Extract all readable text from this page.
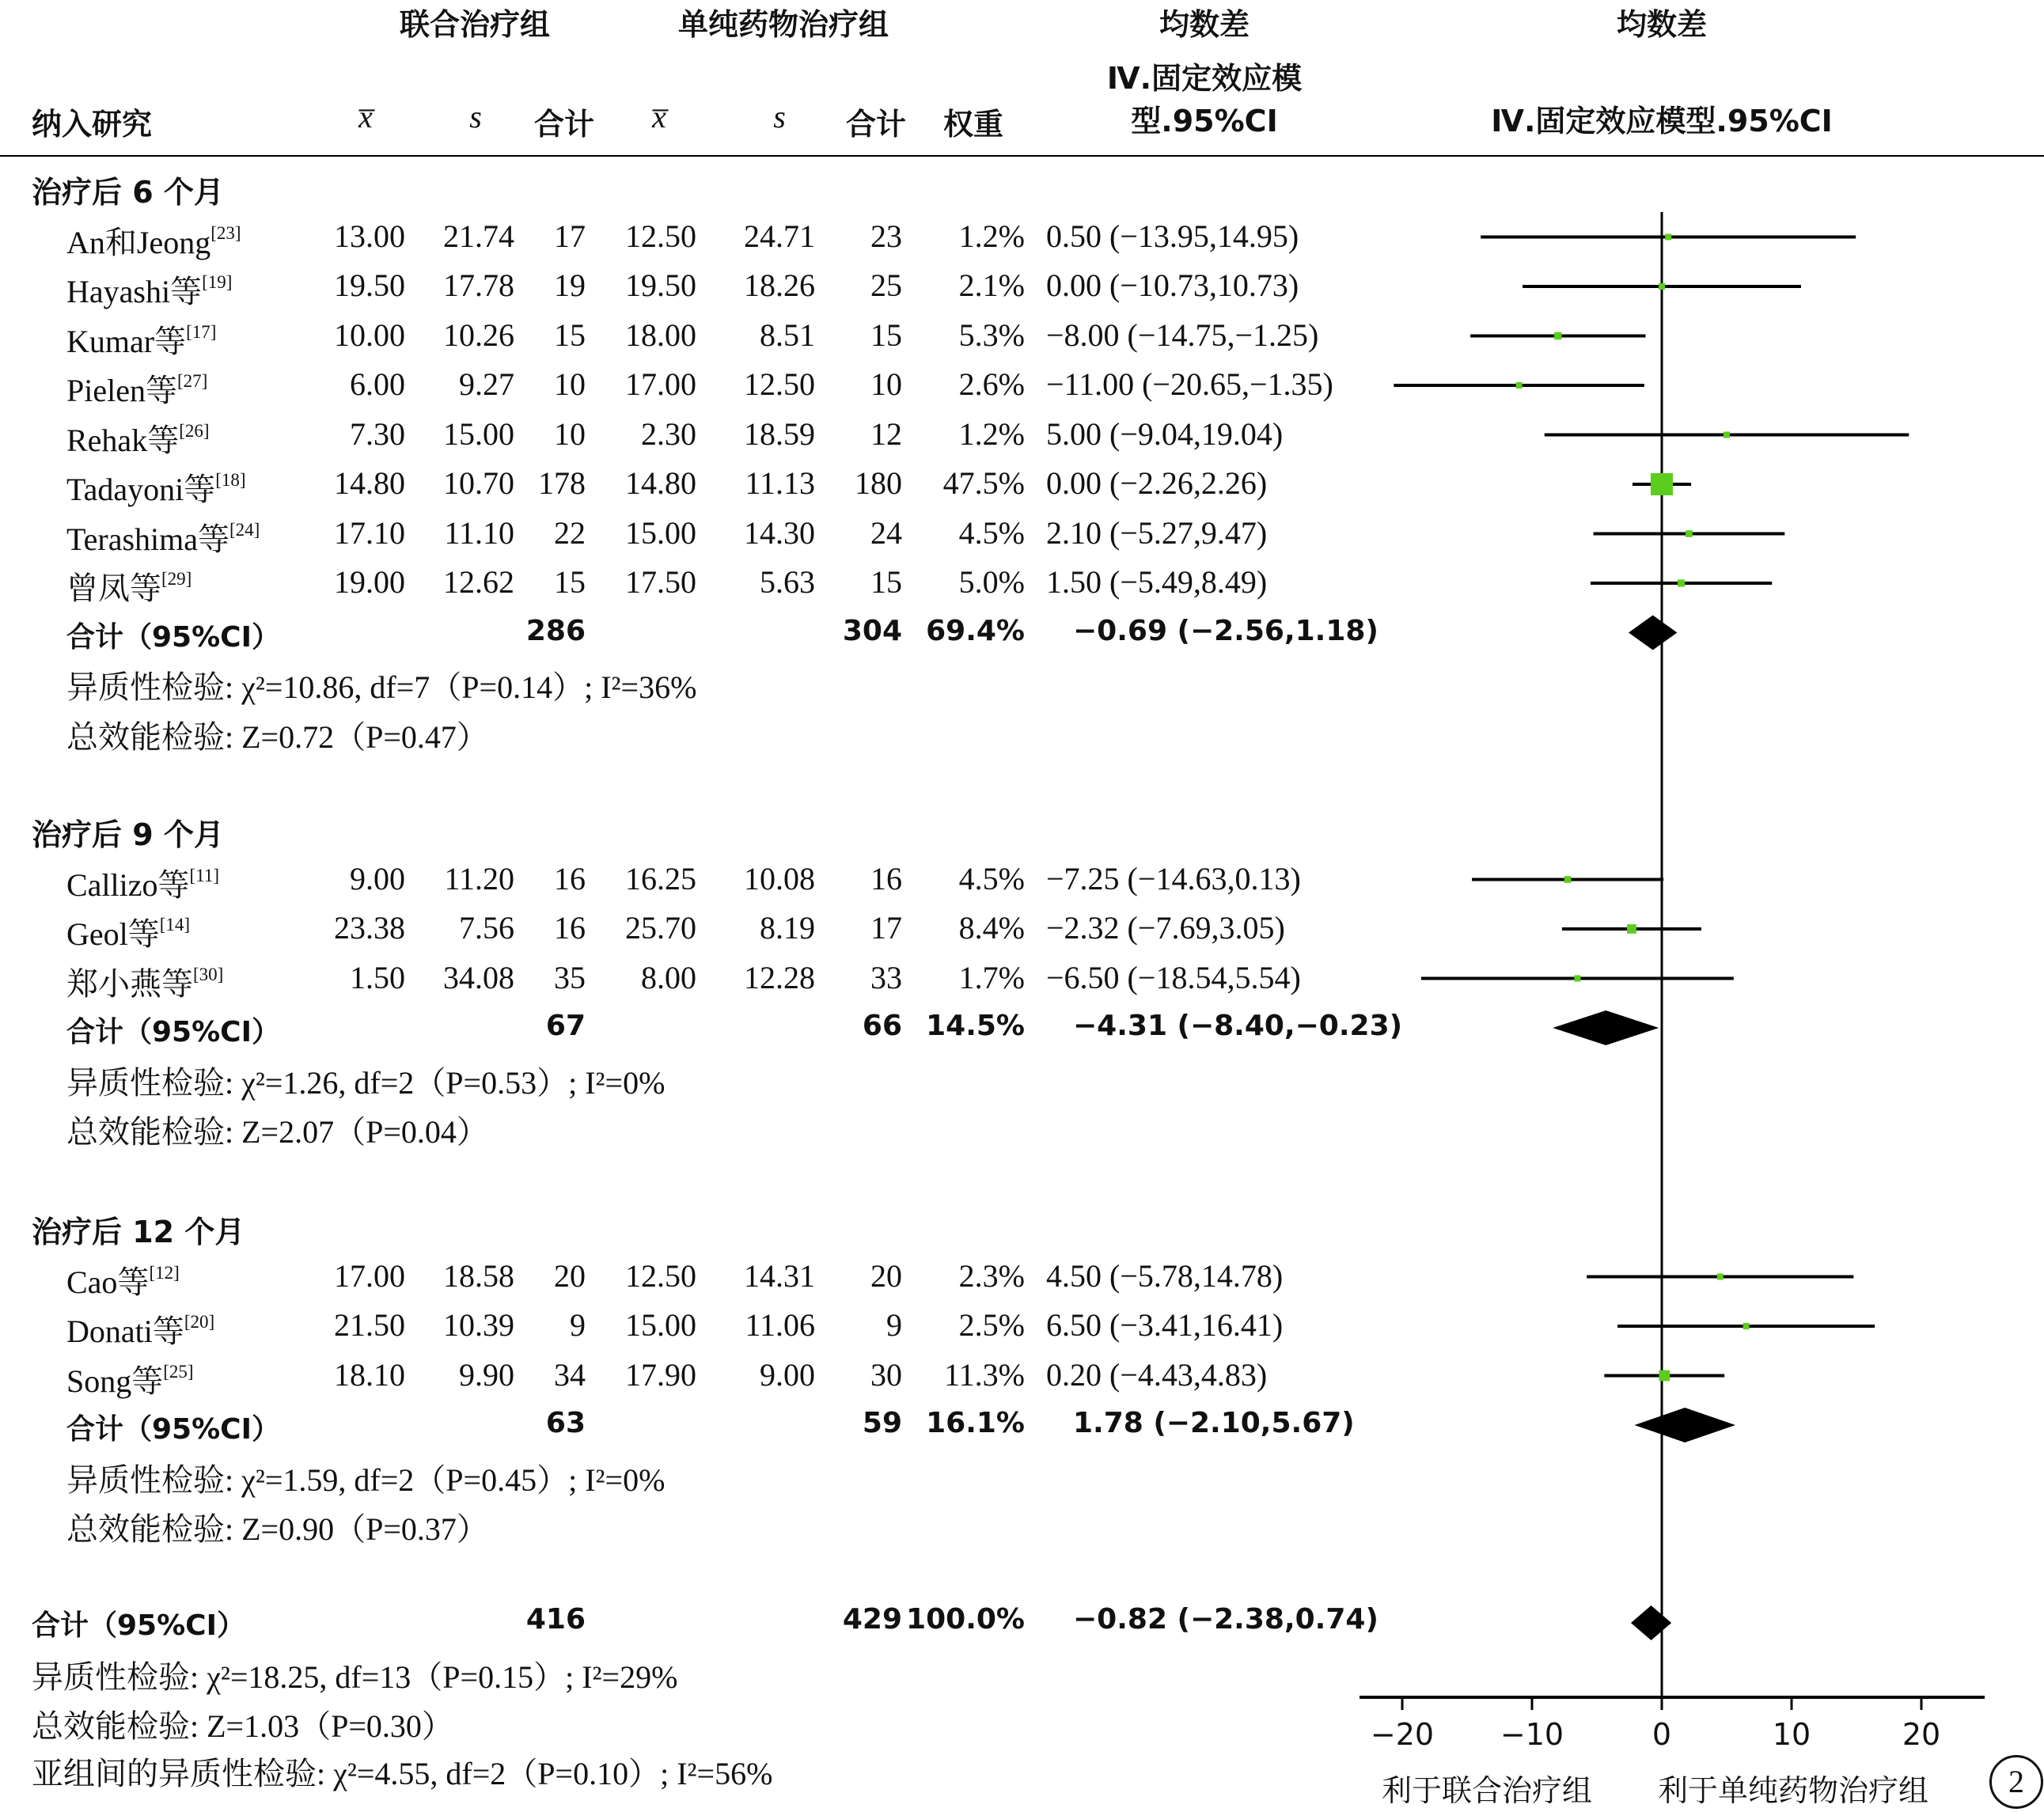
联合治疗组	单纯药物治疗组	均数差
Ⅳ.固定效应模
型.95%CI
均数差
Ⅳ.固定效应模型.95%CI
纳入研究	x̅	s 合计 x̅	s 合计 权重
治疗后 6 个月
An和Jeong[23]	13.00	21.74	17	12.50	24.71	23	1.2% 0.50 (−13.95,14.95)
Hayashi等[19]	19.50	17.78	19	19.50	18.26	25	2.1% 0.00 (−10.73,10.73)
Kumar等[17]	10.00	10.26	15	18.00	8.51	15	5.3% −8.00 (−14.75,−1.25)
Pielen等[27]	6.00	9.27	10	17.00	12.50	10	2.6% −11.00 (−20.65,−1.35)
Rehak等[26]	7.30	15.00	10	2.30	18.59	12	1.2% 5.00 (−9.04,19.04)
Tadayoni等[18]	14.80	10.70 178	14.80	11.13	180	47.5% 0.00 (−2.26,2.26)
Terashima等[24]	17.10	11.10	22	15.00	14.30	24	4.5% 2.10 (−5.27,9.47)
曾凤等[29]	19.00	12.62	15	17.50	5.63	15	5.0% 1.50 (−5.49,8.49)
合计（95%CI）	286	304 69.4% −0.69 (−2.56,1.18)
异质性检验: χ²=10.86, df=7（P=0.14）; I²=36%
总效能检验: Z=0.72（P=0.47）
治疗后 9 个月
Callizo等[11]	9.00	11.20	16	16.25	10.08	16	4.5% −7.25 (−14.63,0.13)
Geol等[14]	23.38	7.56	16	25.70	8.19	17	8.4% −2.32 (−7.69,3.05)
郑小燕等[30]	1.50	34.08	35	8.00	12.28	33	1.7% −6.50 (−18.54,5.54)
合计（95%CI）	67	66 14.5% −4.31 (−8.40,−0.23)
异质性检验: χ²=1.26, df=2（P=0.53）; I²=0%
总效能检验: Z=2.07（P=0.04）
治疗后 12 个月
Cao等[12]	17.00	18.58	20	12.50	14.31	20	2.3% 4.50 (−5.78,14.78)
Donati等[20]	21.50	10.39	9	15.00	11.06	9	2.5% 6.50 (−3.41,16.41)
Song等[25]	18.10	9.90	34	17.90	9.00	30	11.3% 0.20 (−4.43,4.83)
合计（95%CI）	63	59 16.1% 1.78 (−2.10,5.67)
异质性检验: χ²=1.59, df=2（P=0.45）; I²=0%
总效能检验: Z=0.90（P=0.37）
合计（95%CI）	416	429 100.0% −0.82 (−2.38,0.74)
异质性检验: χ²=18.25, df=13（P=0.15）; I²=29%
总效能检验: Z=1.03（P=0.30）
亚组间的异质性检验: χ²=4.55, df=2（P=0.10）; I²=56%
−20 −10	0	10	20
利于联合治疗组 利于单纯药物治疗组	2
